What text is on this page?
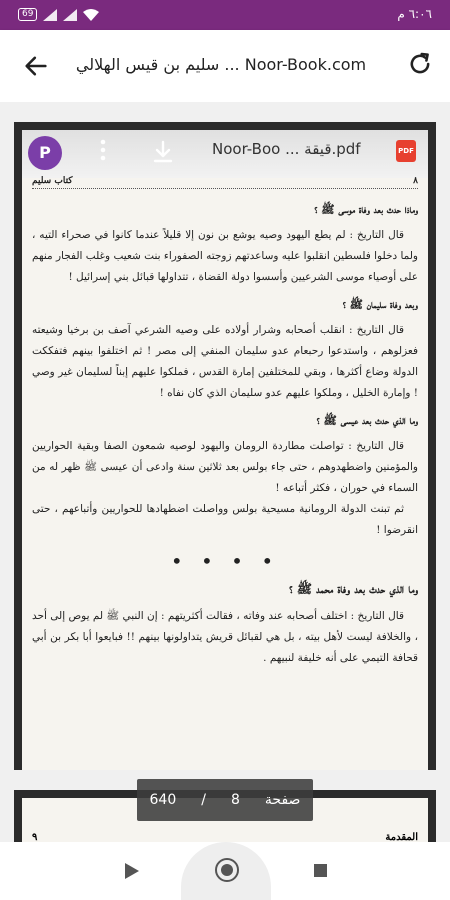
69	٦:٠٦ م
سليم بن قيس الهلالي ... Noor-Book.com
P	Noor-Boo ... قيقة.pdf	PDF
٨
كتاب سليم
وماذا حدث بعد وفاة موسى ﷺ ؟

قال التاريخ : لم يطع اليهود وصيه يوشع بن نون إلا قليلاً عندما كانوا في صحراء التيه ، ولما دخلوا فلسطين انقلبوا عليه وساعدتهم زوجته الصفوراء بنت شعيب وغلب الفجار منهم على أوصياء موسى الشرعيين وأسسوا دولة القضاة ، تتداولها قبائل بني إسرائيل !

وبعد وفاة سليمان ﷺ ؟

قال التاريخ : انقلب أصحابه وشرار أولاده على وصيه الشرعي آصف بن برخيا وشيعته فعزلوهم ، واستدعوا رحبعام عدو سليمان المنفي إلى مصر ! ثم اختلفوا بينهم فتفككت الدولة وضاع أكثرها ، وبقي للمختلفين إمارة القدس ، فملكوا عليهم إبناً لسليمان غير وصي ! وإمارة الخليل ، وملكوا عليهم عدو سليمان الذي كان نفاه !

وما الذي حدث بعد عيسى ﷺ ؟

قال التاريخ : تواصلت مطاردة الرومان واليهود لوصيه شمعون الصفا وبقية الحواريين والمؤمنين واضطهدوهم ، حتى جاء بولس بعد ثلاثين سنة وادعى أن عيسى ﷺ ظهر له من السماء في حوران ، فكثر أتباعه !

ثم تبنت الدولة الرومانية مسيحية بولس وواصلت اضطهادها للحواريين وأتباعهم ، حتى انقرضوا !

• • • •
وما الذي حدث بعد وفاة محمد ﷺ ؟

قال التاريخ : اختلف أصحابه عند وفاته ، فقالت أكثريتهم : إن النبي ﷺ لم يوص إلى أحد ، والخلافة ليست لأهل بيته ، بل هي لقبائل قريش يتداولونها بينهم !! فبايعوا أبا بكر بن أبي قحافة التيمي على أنه خليفة لنبيهم .

المقدمة
٩
640 / 8 صفحة
